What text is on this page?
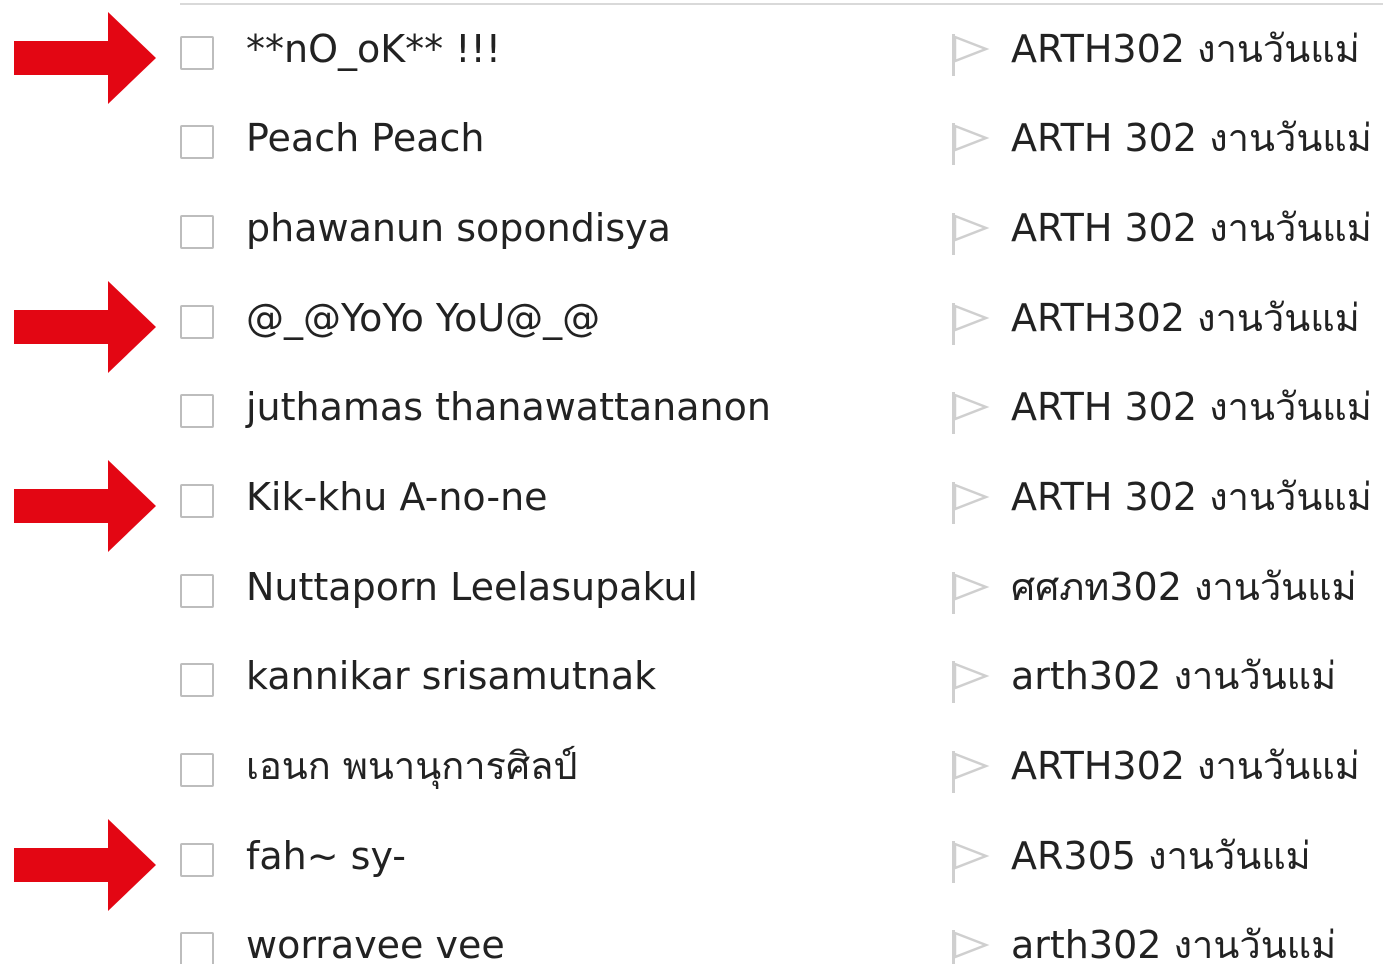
**nO_oK** !!!	ARTH302 งานวันแม่
Peach Peach	ARTH 302 งานวันแม่
phawanun sopondisya	ARTH 302 งานวันแม่
@_@YoYo YoU@_@	ARTH302 งานวันแม่
juthamas thanawattananon	ARTH 302 งานวันแม่
Kik-khu A-no-ne	ARTH 302 งานวันแม่
Nuttaporn Leelasupakul	ศศภท302 งานวันแม่
kannikar srisamutnak	arth302 งานวันแม่
เอนก พนานุการศิลป์	ARTH302 งานวันแม่
fah~ sy-	AR305 งานวันแม่
worravee vee	arth302 งานวันแม่
